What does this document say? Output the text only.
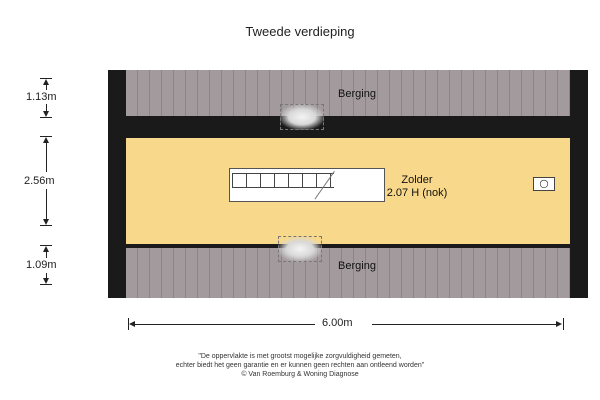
Tweede verdieping
Berging
Zolder
2.07 H (nok)
◯
Berging
1.13m
2.56m
1.09m
6.00m
"De oppervlakte is met grootst mogelijke zorgvuldigheid gemeten,
echter biedt het geen garantie en er kunnen geen rechten aan ontleend worden"
© Van Roemburg & Woning Diagnose
